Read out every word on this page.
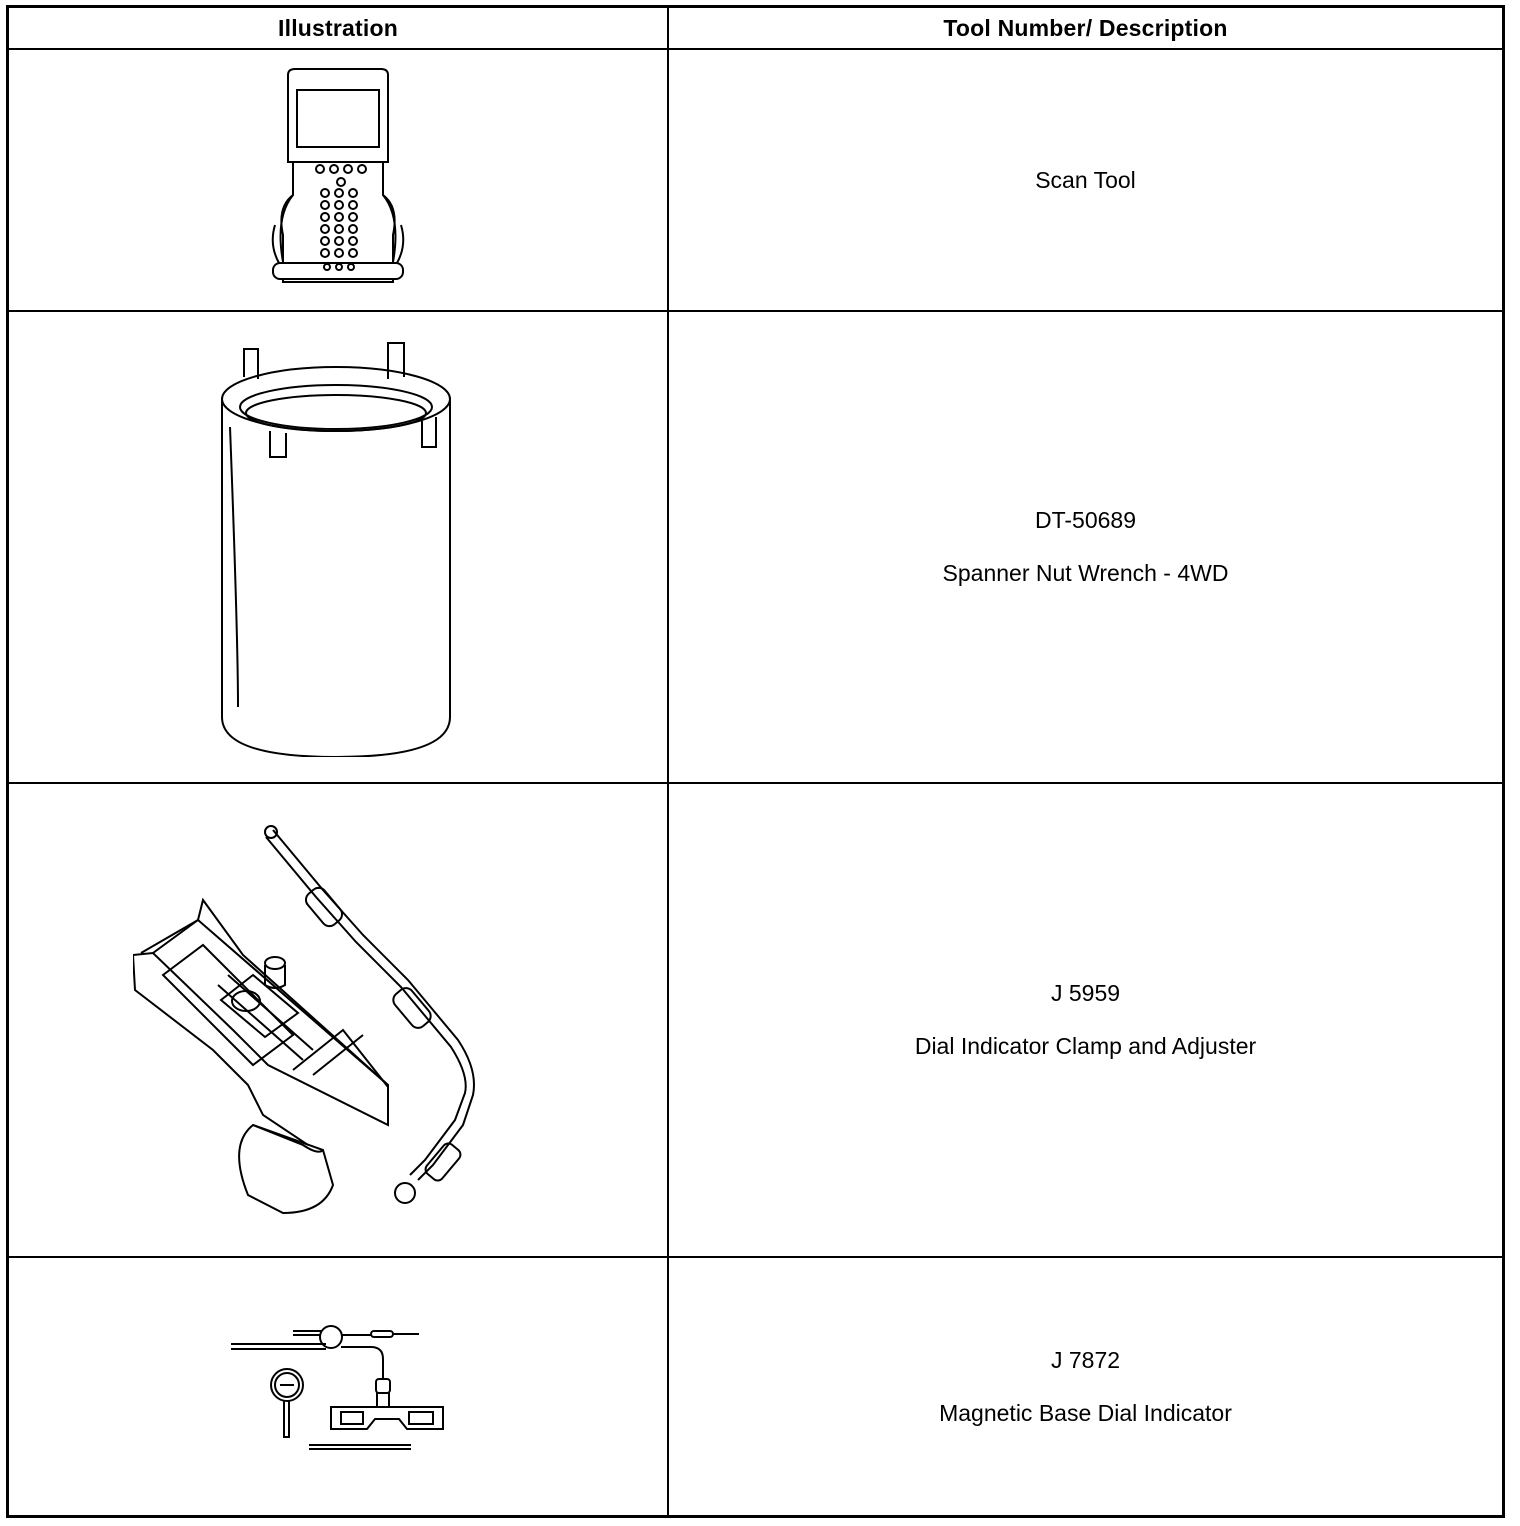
Illustration	Tool Number/ Description
Scan Tool
DT-50689
Spanner Nut Wrench - 4WD
J 5959
Dial Indicator Clamp and Adjuster
J 7872
Magnetic Base Dial Indicator
